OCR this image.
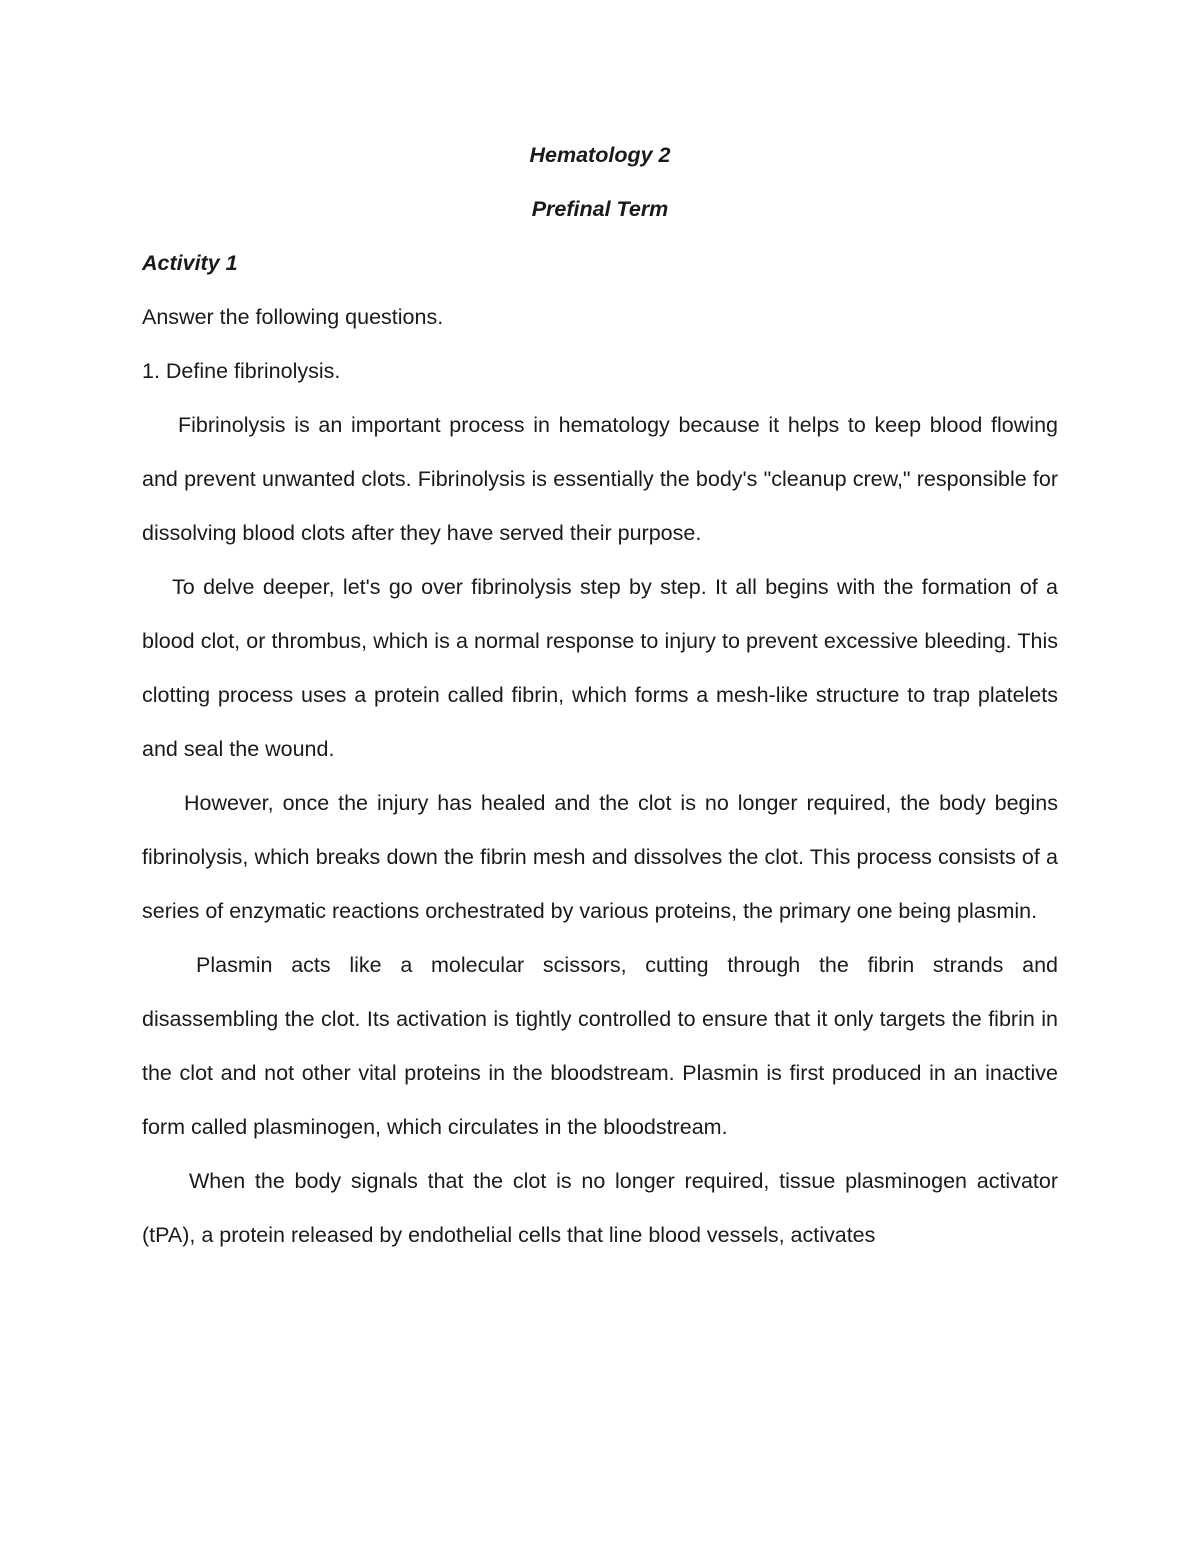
Hematology 2

Prefinal Term

Activity 1

Answer the following questions.

1. Define fibrinolysis.

Fibrinolysis is an important process in hematology because it helps to keep blood flowing and prevent unwanted clots. Fibrinolysis is essentially the body's "cleanup crew," responsible for dissolving blood clots after they have served their purpose.

To delve deeper, let's go over fibrinolysis step by step. It all begins with the formation of a blood clot, or thrombus, which is a normal response to injury to prevent excessive bleeding. This clotting process uses a protein called fibrin, which forms a mesh-like structure to trap platelets and seal the wound.

However, once the injury has healed and the clot is no longer required, the body begins fibrinolysis, which breaks down the fibrin mesh and dissolves the clot. This process consists of a series of enzymatic reactions orchestrated by various proteins, the primary one being plasmin.

Plasmin acts like a molecular scissors, cutting through the fibrin strands and disassembling the clot. Its activation is tightly controlled to ensure that it only targets the fibrin in the clot and not other vital proteins in the bloodstream. Plasmin is first produced in an inactive form called plasminogen, which circulates in the bloodstream.

When the body signals that the clot is no longer required, tissue plasminogen activator (tPA), a protein released by endothelial cells that line blood vessels, activates
